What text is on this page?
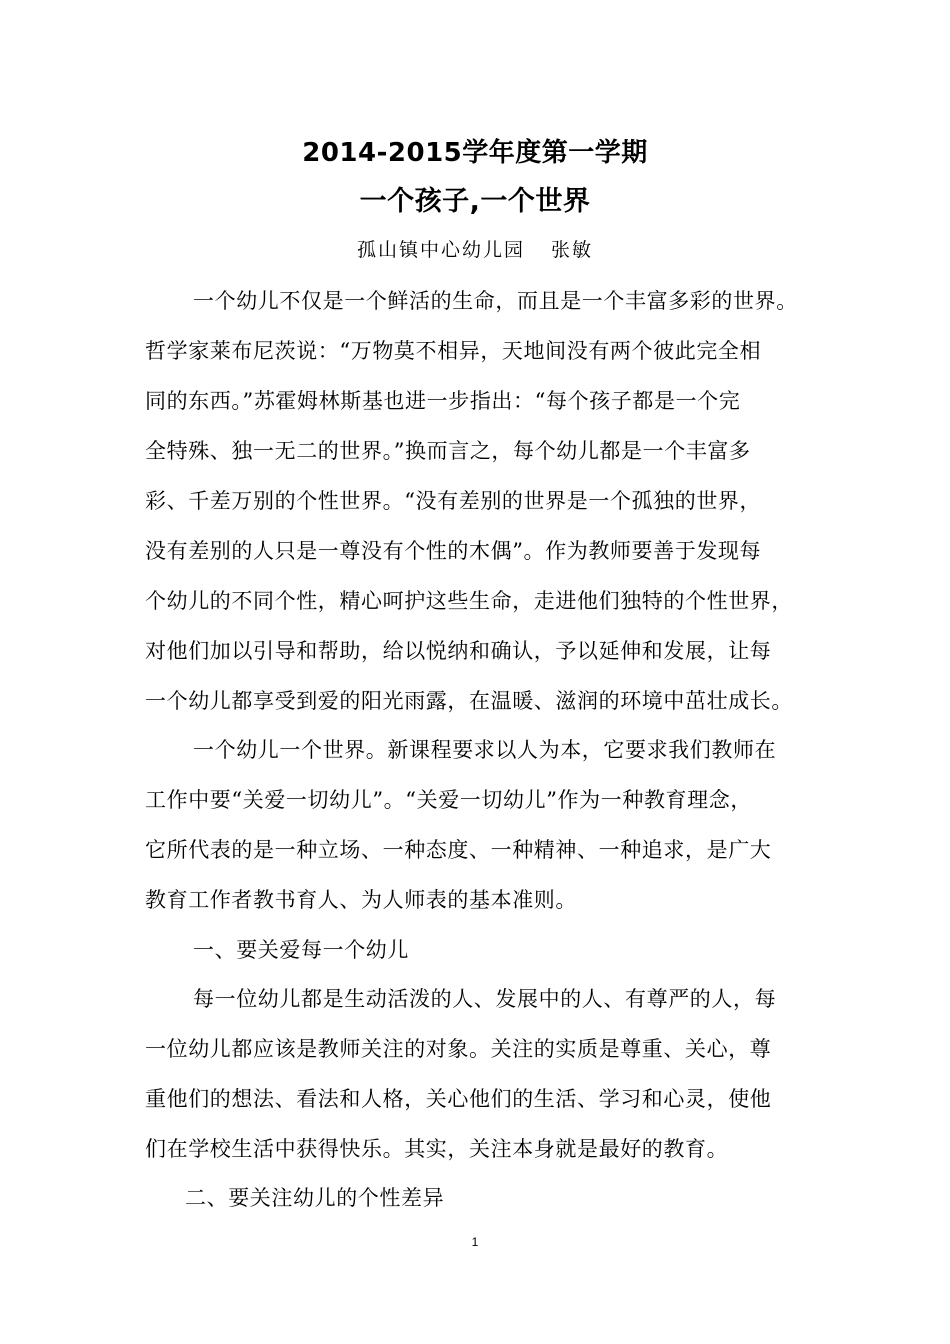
2014-2015学年度第一学期
一个孩子,一个世界
孤山镇中心幼儿园 张敏
一个幼儿不仅是一个鲜活的生命，而且是一个丰富多彩的世界。
哲学家莱布尼茨说：“万物莫不相异，天地间没有两个彼此完全相
同的东西。”苏霍姆林斯基也进一步指出：“每个孩子都是一个完
全特殊、独一无二的世界。”换而言之，每个幼儿都是一个丰富多
彩、千差万别的个性世界。“没有差别的世界是一个孤独的世界，
没有差别的人只是一尊没有个性的木偶”。作为教师要善于发现每
个幼儿的不同个性，精心呵护这些生命，走进他们独特的个性世界，
对他们加以引导和帮助，给以悦纳和确认，予以延伸和发展，让每
一个幼儿都享受到爱的阳光雨露，在温暖、滋润的环境中茁壮成长。
一个幼儿一个世界。新课程要求以人为本，它要求我们教师在
工作中要“关爱一切幼儿”。“关爱一切幼儿”作为一种教育理念，
它所代表的是一种立场、一种态度、一种精神、一种追求，是广大
教育工作者教书育人、为人师表的基本准则。
一、要关爱每一个幼儿
每一位幼儿都是生动活泼的人、发展中的人、有尊严的人，每
一位幼儿都应该是教师关注的对象。关注的实质是尊重、关心，尊
重他们的想法、看法和人格，关心他们的生活、学习和心灵，使他
们在学校生活中获得快乐。其实，关注本身就是最好的教育。
二、要关注幼儿的个性差异
1
